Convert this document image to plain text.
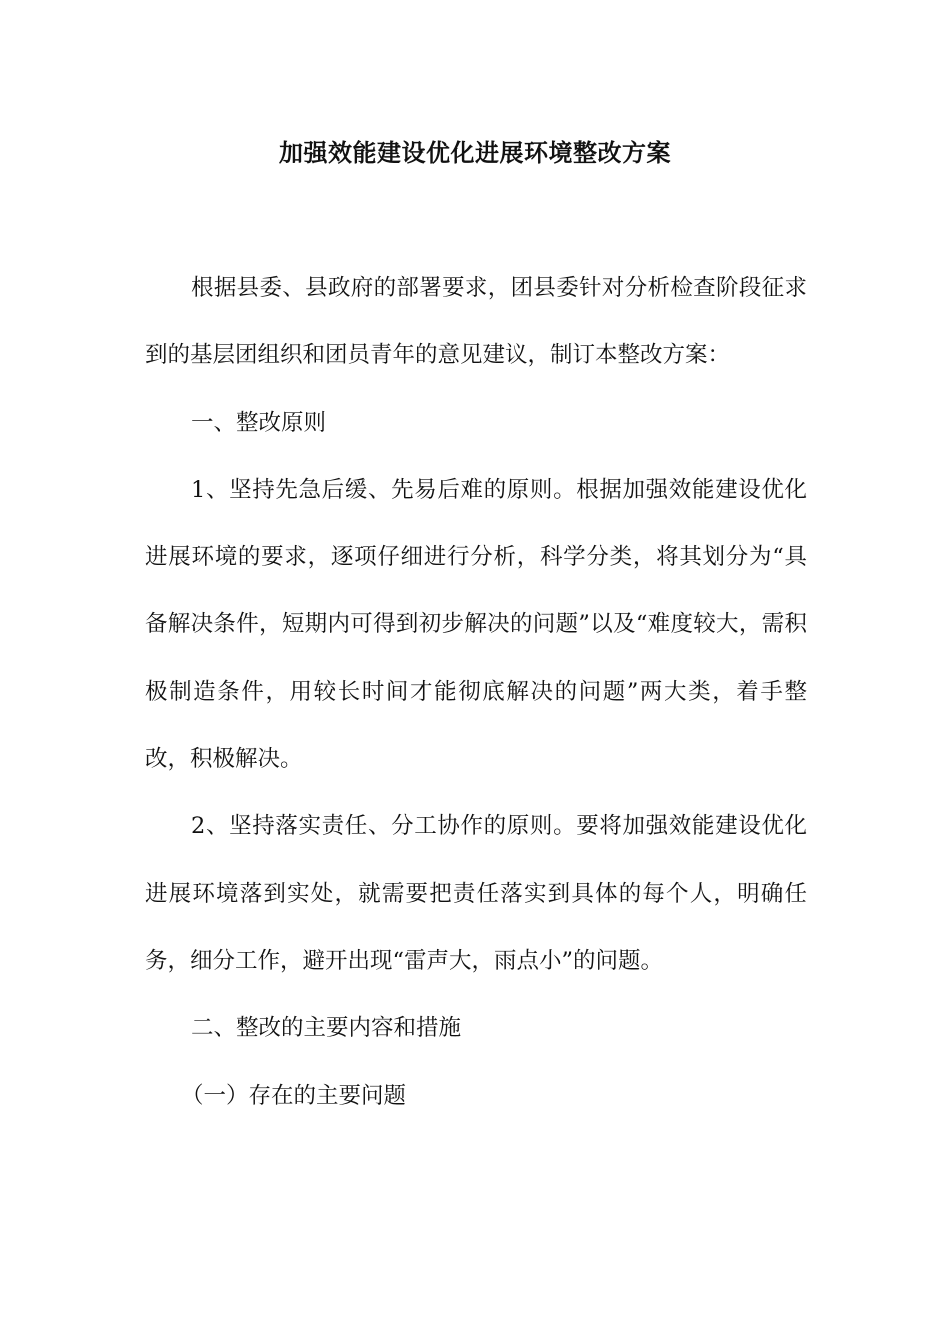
加强效能建设优化进展环境整改方案

根据县委、县政府的部署要求，团县委针对分析检查阶段征求到的基层团组织和团员青年的意见建议，制订本整改方案：

一、整改原则

1、坚持先急后缓、先易后难的原则。根据加强效能建设优化进展环境的要求，逐项仔细进行分析，科学分类，将其划分为“具备解决条件，短期内可得到初步解决的问题”以及“难度较大，需积极制造条件，用较长时间才能彻底解决的问题”两大类，着手整改，积极解决。

2、坚持落实责任、分工协作的原则。要将加强效能建设优化进展环境落到实处，就需要把责任落实到具体的每个人，明确任务，细分工作，避开出现“雷声大，雨点小”的问题。

二、整改的主要内容和措施

（一）存在的主要问题
